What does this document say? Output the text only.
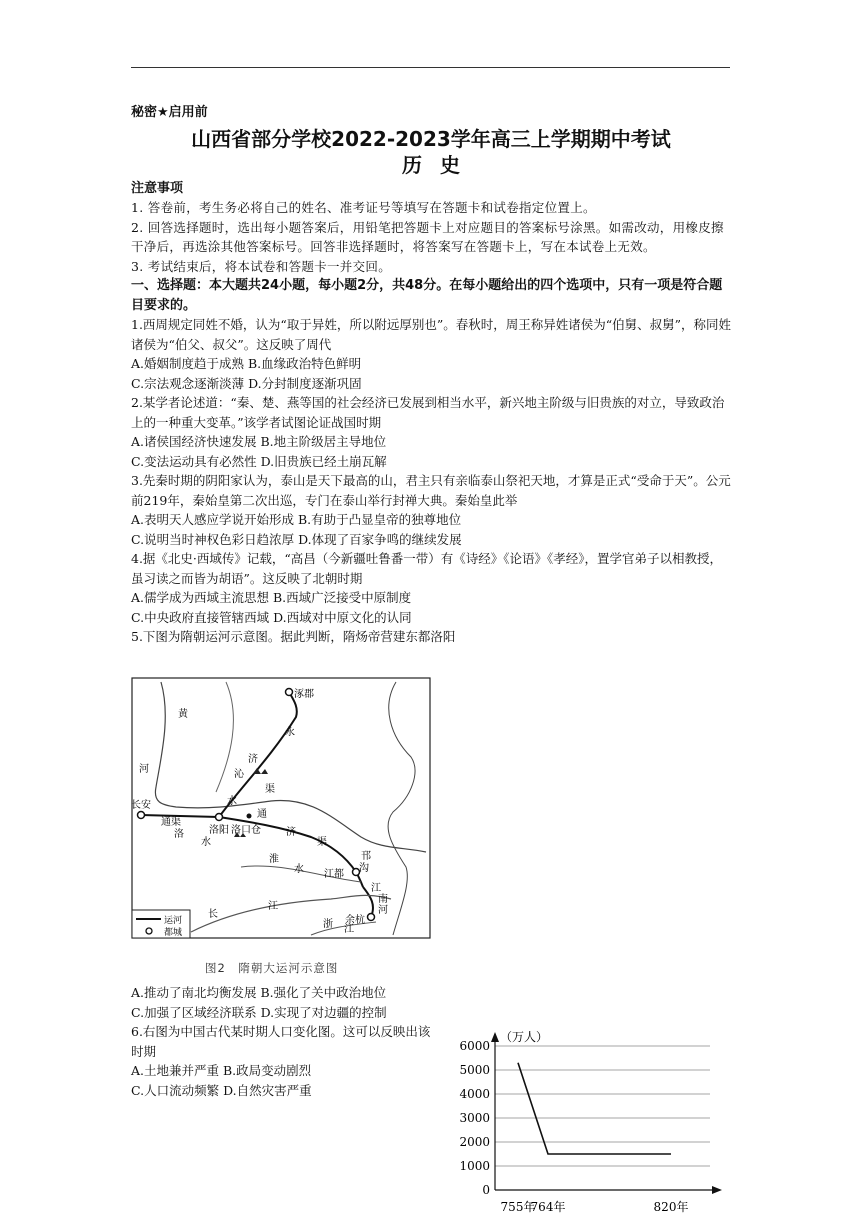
秘密★启用前
山西省部分学校2022-2023学年高三上学期期中考试
历史
注意事项
1. 答卷前，考生务必将自己的姓名、准考证号等填写在答题卡和试卷指定位置上。
2. 回答选择题时，选出每小题答案后，用铅笔把答题卡上对应题目的答案标号涂黑。如需改动，用橡皮擦干净后，再选涂其他答案标号。回答非选择题时，将答案写在答题卡上，写在本试卷上无效。
3. 考试结束后，将本试卷和答题卡一并交回。
一、选择题：本大题共24小题，每小题2分，共48分。在每小题给出的四个选项中，只有一项是符合题目要求的。
1.西周规定同姓不婚，认为“取于异姓，所以附远厚别也”。春秋时，周王称异姓诸侯为“伯舅、叔舅”，称同姓诸侯为“伯父、叔父”。这反映了周代
A.婚姻制度趋于成熟 B.血缘政治特色鲜明
C.宗法观念逐渐淡薄 D.分封制度逐渐巩固
2.某学者论述道：“秦、楚、燕等国的社会经济已发展到相当水平，新兴地主阶级与旧贵族的对立，导致政治上的一种重大变革。”该学者试图论证战国时期
A.诸侯国经济快速发展 B.地主阶级居主导地位
C.变法运动具有必然性 D.旧贵族已经土崩瓦解
3.先秦时期的阴阳家认为，泰山是天下最高的山，君主只有亲临泰山祭祀天地，才算是正式“受命于天”。公元前219年，秦始皇第二次出巡，专门在泰山举行封禅大典。秦始皇此举
A.表明天人感应学说开始形成 B.有助于凸显皇帝的独尊地位
C.说明当时神权色彩日趋浓厚 D.体现了百家争鸣的继续发展
4.据《北史·西域传》记载，“高昌（今新疆吐鲁番一带）有《诗经》《论语》《孝经》，置学官弟子以相教授，虽习读之而皆为胡语”。这反映了北朝时期
A.儒学成为西域主流思想 B.西域广泛接受中原制度
C.中央政府直接管辖西域 D.西域对中原文化的认同
5.下图为隋朝运河示意图。据此判断，隋炀帝营建东都洛阳
涿郡
长安
洛阳 洛口仓
江都
余杭
黄
河
永
济
沁
水
渠
通
济
渠
通渠
洛
水
淮
水
邗
沟
江
南
河
长
江
浙 江
运河
都城
图2　隋朝大运河示意图
A.推动了南北均衡发展 B.强化了关中政治地位
C.加强了区域经济联系 D.实现了对边疆的控制
6.右图为中国古代某时期人口变化图。这可以反映出该时期
A.土地兼并严重 B.政局变动剧烈
C.人口流动频繁 D.自然灾害严重
（万人）
0
1000
2000
3000
4000
5000
6000
755年
764年	820年
